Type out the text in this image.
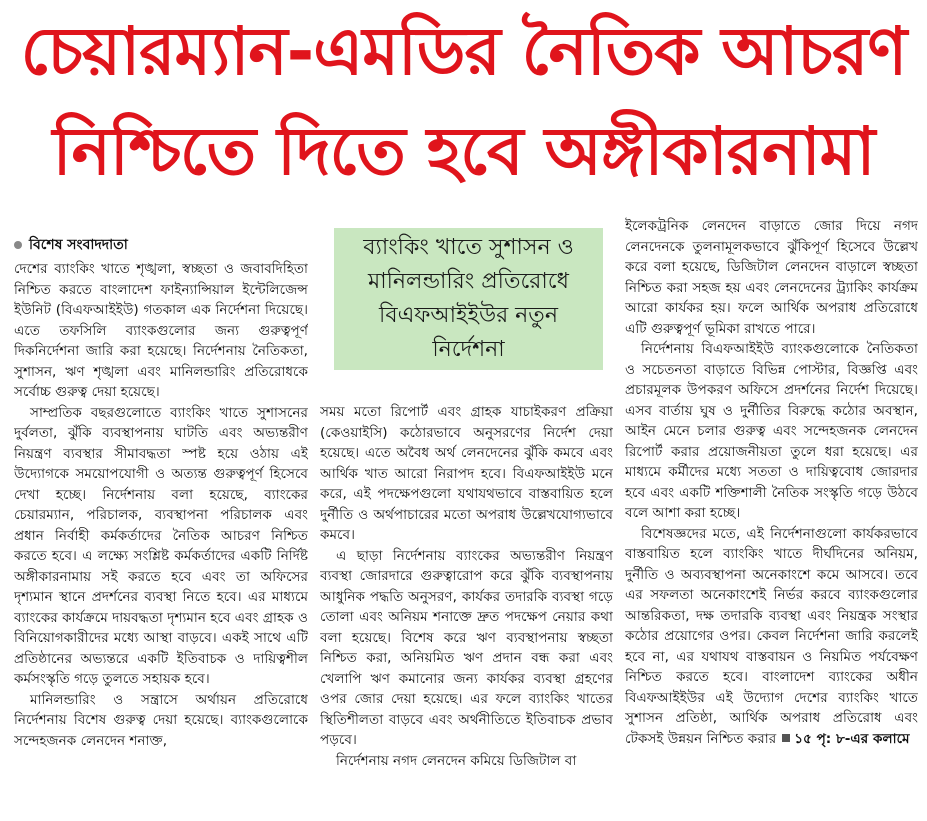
চেয়ারম্যান-এমডির নৈতিক আচরণ
নিশ্চিতে দিতে হবে অঙ্গীকারনামা
বিশেষ সংবাদদাতা

দেশের ব্যাংকিং খাতে শৃঙ্খলা, স্বচ্ছতা ও জবাবদিহিতা নিশ্চিত করতে বাংলাদেশ ফাইন্যান্সিয়াল ইন্টেলিজেন্স ইউনিট (বিএফআইইউ) গতকাল এক নির্দেশনা দিয়েছে। এতে তফসিলি ব্যাংকগুলোর জন্য গুরুত্বপূর্ণ দিকনির্দেশনা জারি করা হয়েছে। নির্দেশনায় নৈতিকতা, সুশাসন, ঋণ শৃঙ্খলা এবং মানিলন্ডারিং প্রতিরোধকে সর্বোচ্চ গুরুত্ব দেয়া হয়েছে।

সাম্প্রতিক বছরগুলোতে ব্যাংকিং খাতে সুশাসনের দুর্বলতা, ঝুঁকি ব্যবস্থাপনায় ঘাটতি এবং অভ্যন্তরীণ নিয়ন্ত্রণ ব্যবস্থার সীমাবদ্ধতা স্পষ্ট হয়ে ওঠায় এই উদ্যোগকে সময়োপযোগী ও অত্যন্ত গুরুত্বপূর্ণ হিসেবে দেখা হচ্ছে। নির্দেশনায় বলা হয়েছে, ব্যাংকের চেয়ারম্যান, পরিচালক, ব্যবস্থাপনা পরিচালক এবং প্রধান নির্বাহী কর্মকর্তাদের নৈতিক আচরণ নিশ্চিত করতে হবে। এ লক্ষ্যে সংশ্লিষ্ট কর্মকর্তাদের একটি নির্দিষ্ট অঙ্গীকারনামায় সই করতে হবে এবং তা অফিসের দৃশ্যমান স্থানে প্রদর্শনের ব্যবস্থা নিতে হবে। এর মাধ্যমে ব্যাংকের কার্যক্রমে দায়বদ্ধতা দৃশ্যমান হবে এবং গ্রাহক ও বিনিয়োগকারীদের মধ্যে আস্থা বাড়বে। একই সাথে এটি প্রতিষ্ঠানের অভ্যন্তরে একটি ইতিবাচক ও দায়িত্বশীল কর্মসংস্কৃতি গড়ে তুলতে সহায়ক হবে।

মানিলন্ডারিং ও সন্ত্রাসে অর্থায়ন প্রতিরোধে নির্দেশনায় বিশেষ গুরুত্ব দেয়া হয়েছে। ব্যাংকগুলোকে সন্দেহজনক লেনদেন শনাক্ত,

ব্যাংকিং খাতে সুশাসন ও মানিলন্ডারিং প্রতিরোধে বিএফআইইউর নতুন নির্দেশনা

সময় মতো রিপোর্ট এবং গ্রাহক যাচাইকরণ প্রক্রিয়া (কেওয়াইসি) কঠোরভাবে অনুসরণের নির্দেশ দেয়া হয়েছে। এতে অবৈধ অর্থ লেনদেনের ঝুঁকি কমবে এবং আর্থিক খাত আরো নিরাপদ হবে। বিএফআইইউ মনে করে, এই পদক্ষেপগুলো যথাযথভাবে বাস্তবায়িত হলে দুর্নীতি ও অর্থপাচারের মতো অপরাধ উল্লেখযোগ্যভাবে কমবে।

এ ছাড়া নির্দেশনায় ব্যাংকের অভ্যন্তরীণ নিয়ন্ত্রণ ব্যবস্থা জোরদারে গুরুত্বারোপ করে ঝুঁকি ব্যবস্থাপনায় আধুনিক পদ্ধতি অনুসরণ, কার্যকর তদারকি ব্যবস্থা গড়ে তোলা এবং অনিয়ম শনাক্তে দ্রুত পদক্ষেপ নেয়ার কথা বলা হয়েছে। বিশেষ করে ঋণ ব্যবস্থাপনায় স্বচ্ছতা নিশ্চিত করা, অনিয়মিত ঋণ প্রদান বন্ধ করা এবং খেলাপি ঋণ কমানোর জন্য কার্যকর ব্যবস্থা গ্রহণের ওপর জোর দেয়া হয়েছে। এর ফলে ব্যাংকিং খাতের স্থিতিশীলতা বাড়বে এবং অর্থনীতিতে ইতিবাচক প্রভাব পড়বে।

নির্দেশনায় নগদ লেনদেন কমিয়ে ডিজিটাল বা

ইলেকট্রনিক লেনদেন বাড়াতে জোর দিয়ে নগদ লেনদেনকে তুলনামূলকভাবে ঝুঁকিপূর্ণ হিসেবে উল্লেখ করে বলা হয়েছে, ডিজিটাল লেনদেন বাড়ালে স্বচ্ছতা নিশ্চিত করা সহজ হয় এবং লেনদেনের ট্র্যাকিং কার্যক্রম আরো কার্যকর হয়। ফলে আর্থিক অপরাধ প্রতিরোধে এটি গুরুত্বপূর্ণ ভূমিকা রাখতে পারে।

নির্দেশনায় বিএফআইইউ ব্যাংকগুলোকে নৈতিকতা ও সচেতনতা বাড়াতে বিভিন্ন পোস্টার, বিজ্ঞপ্তি এবং প্রচারমূলক উপকরণ অফিসে প্রদর্শনের নির্দেশ দিয়েছে। এসব বার্তায় ঘুষ ও দুর্নীতির বিরুদ্ধে কঠোর অবস্থান, আইন মেনে চলার গুরুত্ব এবং সন্দেহজনক লেনদেন রিপোর্ট করার প্রয়োজনীয়তা তুলে ধরা হয়েছে। এর মাধ্যমে কর্মীদের মধ্যে সততা ও দায়িত্ববোধ জোরদার হবে এবং একটি শক্তিশালী নৈতিক সংস্কৃতি গড়ে উঠবে বলে আশা করা হচ্ছে।

বিশেষজ্ঞদের মতে, এই নির্দেশনাগুলো কার্যকরভাবে বাস্তবায়িত হলে ব্যাংকিং খাতে দীর্ঘদিনের অনিয়ম, দুর্নীতি ও অব্যবস্থাপনা অনেকাংশে কমে আসবে। তবে এর সফলতা অনেকাংশেই নির্ভর করবে ব্যাংকগুলোর আন্তরিকতা, দক্ষ তদারকি ব্যবস্থা এবং নিয়ন্ত্রক সংস্থার কঠোর প্রয়োগের ওপর। কেবল নির্দেশনা জারি করলেই হবে না, এর যথাযথ বাস্তবায়ন ও নিয়মিত পর্যবেক্ষণ নিশ্চিত করতে হবে। বাংলাদেশ ব্যাংকের অধীন বিএফআইইউর এই উদ্যোগ দেশের ব্যাংকিং খাতে সুশাসন প্রতিষ্ঠা, আর্থিক অপরাধ প্রতিরোধ এবং টেকসই উন্নয়ন নিশ্চিত করার ১৫ পৃ: ৮-এর কলামে
